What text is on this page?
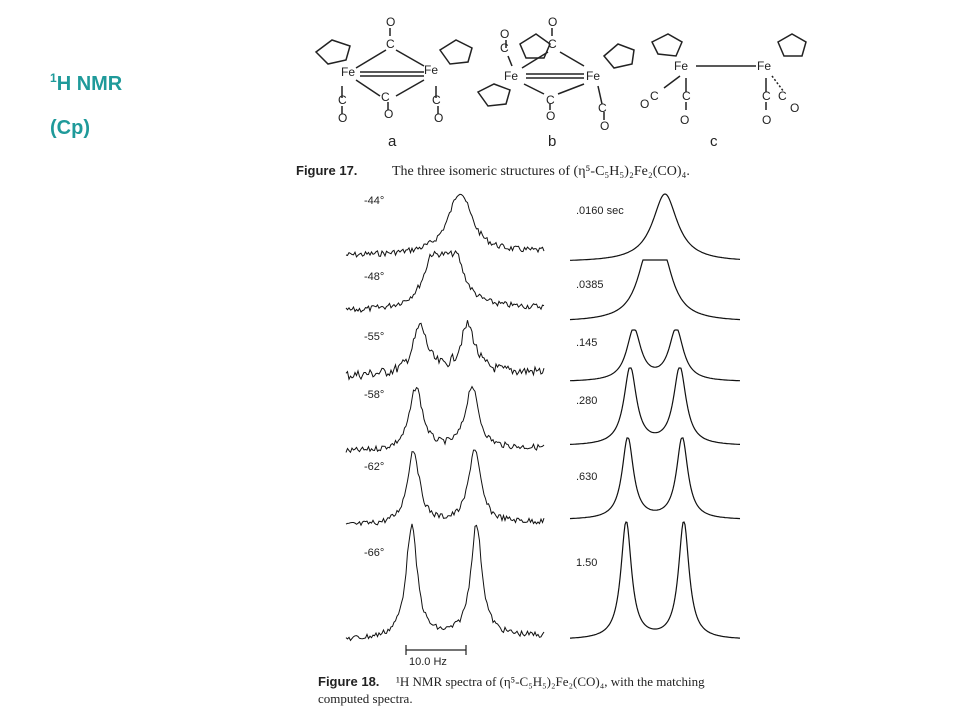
$^1$H NMR
(Cp)
Fe	Fe
C
C
C
O
C
O
O
O
Fe	Fe
C
O
C
O
C
O
C
O
Fe	Fe
C
O
C
O
C
O
C
O
a	b	c
Figure 17. The three isomeric structures of (η⁵-C₅H₅)₂Fe₂(CO)₄.
-44°
-48°
-55°
-58°
-62°
-66°
.0160 sec
.0385
.145
.280
.630
1.50
10.0 Hz
Figure 18. ¹H NMR spectra of (η⁵-C₅H₅)₂Fe₂(CO)₄, with the matching
computed spectra.
